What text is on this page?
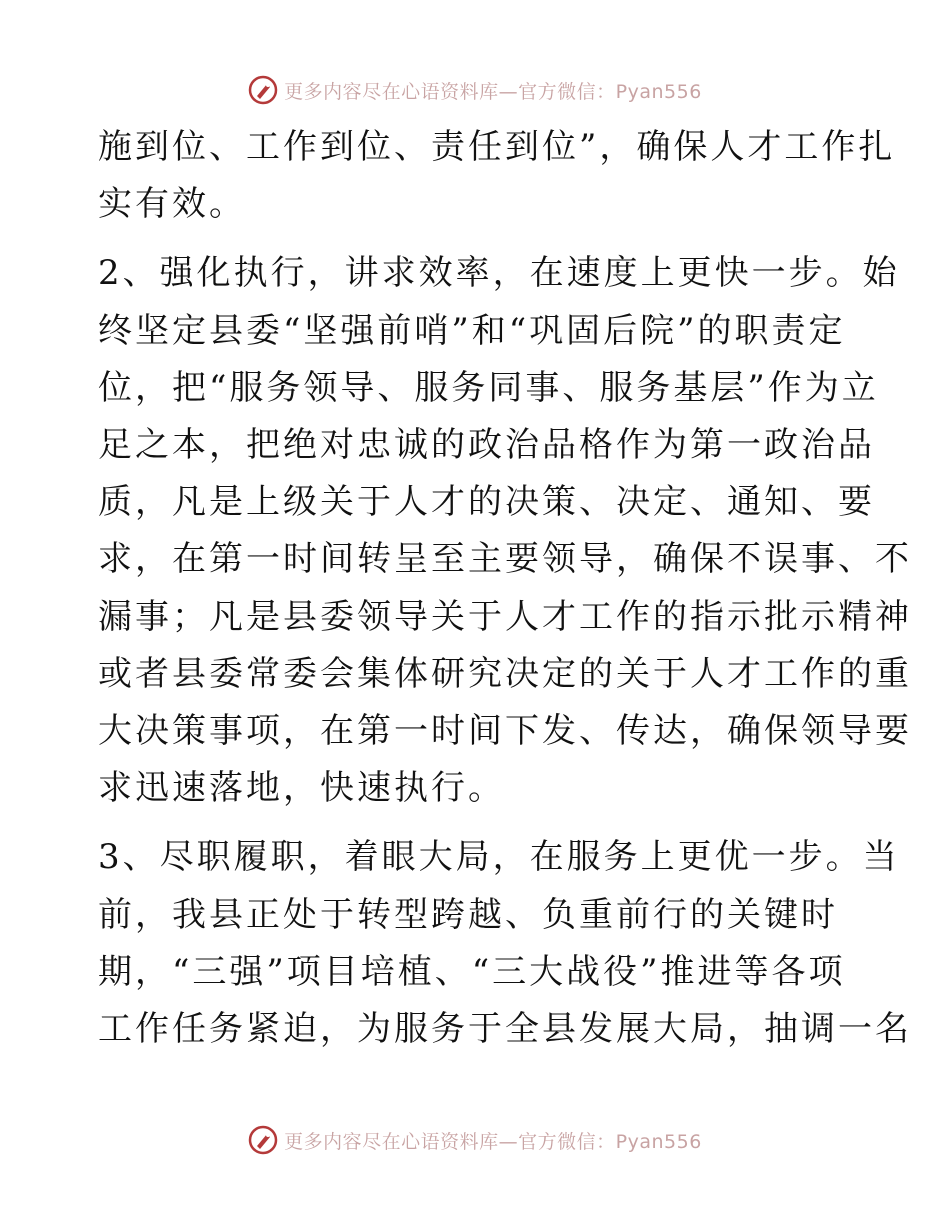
更多内容尽在心语资料库—官方微信：Pyan556

施到位、工作到位、责任到位”，确保人才工作扎
实有效。

2、强化执行，讲求效率，在速度上更快一步。始
终坚定县委“坚强前哨”和“巩固后院”的职责定
位，把“服务领导、服务同事、服务基层”作为立
足之本，把绝对忠诚的政治品格作为第一政治品
质，凡是上级关于人才的决策、决定、通知、要
求，在第一时间转呈至主要领导，确保不误事、不
漏事；凡是县委领导关于人才工作的指示批示精神
或者县委常委会集体研究决定的关于人才工作的重
大决策事项，在第一时间下发、传达，确保领导要
求迅速落地，快速执行。

3、尽职履职，着眼大局，在服务上更优一步。当
前，我县正处于转型跨越、负重前行的关键时
期，“三强”项目培植、“三大战役”推进等各项
工作任务紧迫，为服务于全县发展大局，抽调一名

更多内容尽在心语资料库—官方微信：Pyan556
